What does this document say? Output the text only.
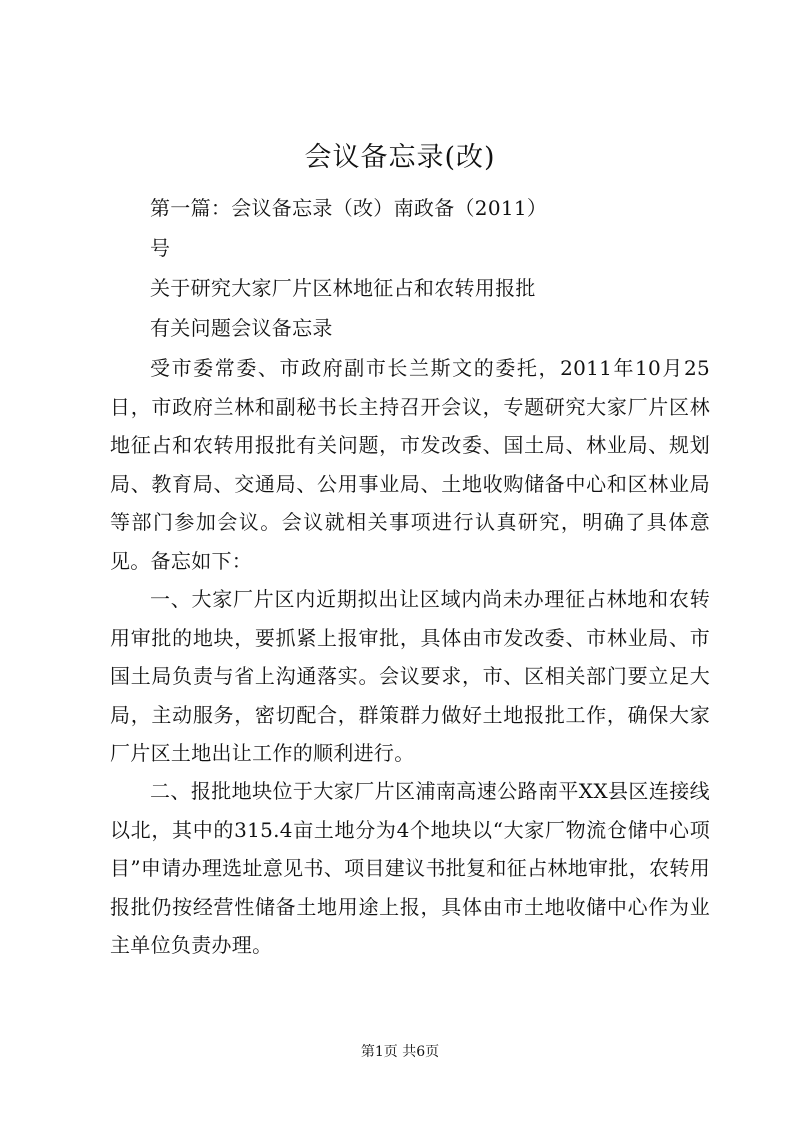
会议备忘录(改)
第一篇：会议备忘录（改）南政备（2011）
号
关于研究大家厂片区林地征占和农转用报批
有关问题会议备忘录
受市委常委、市政府副市长兰斯文的委托，2011年10月25日，市政府兰林和副秘书长主持召开会议，专题研究大家厂片区林地征占和农转用报批有关问题，市发改委、国土局、林业局、规划局、教育局、交通局、公用事业局、土地收购储备中心和区林业局等部门参加会议。会议就相关事项进行认真研究，明确了具体意见。备忘如下：
一、大家厂片区内近期拟出让区域内尚未办理征占林地和农转用审批的地块，要抓紧上报审批，具体由市发改委、市林业局、市国土局负责与省上沟通落实。会议要求，市、区相关部门要立足大局，主动服务，密切配合，群策群力做好土地报批工作，确保大家厂片区土地出让工作的顺利进行。
二、报批地块位于大家厂片区浦南高速公路南平XX县区连接线以北，其中的315.4亩土地分为4个地块以“大家厂物流仓储中心项目”申请办理选址意见书、项目建议书批复和征占林地审批，农转用报批仍按经营性储备土地用途上报，具体由市土地收储中心作为业主单位负责办理。
第1页 共6页
